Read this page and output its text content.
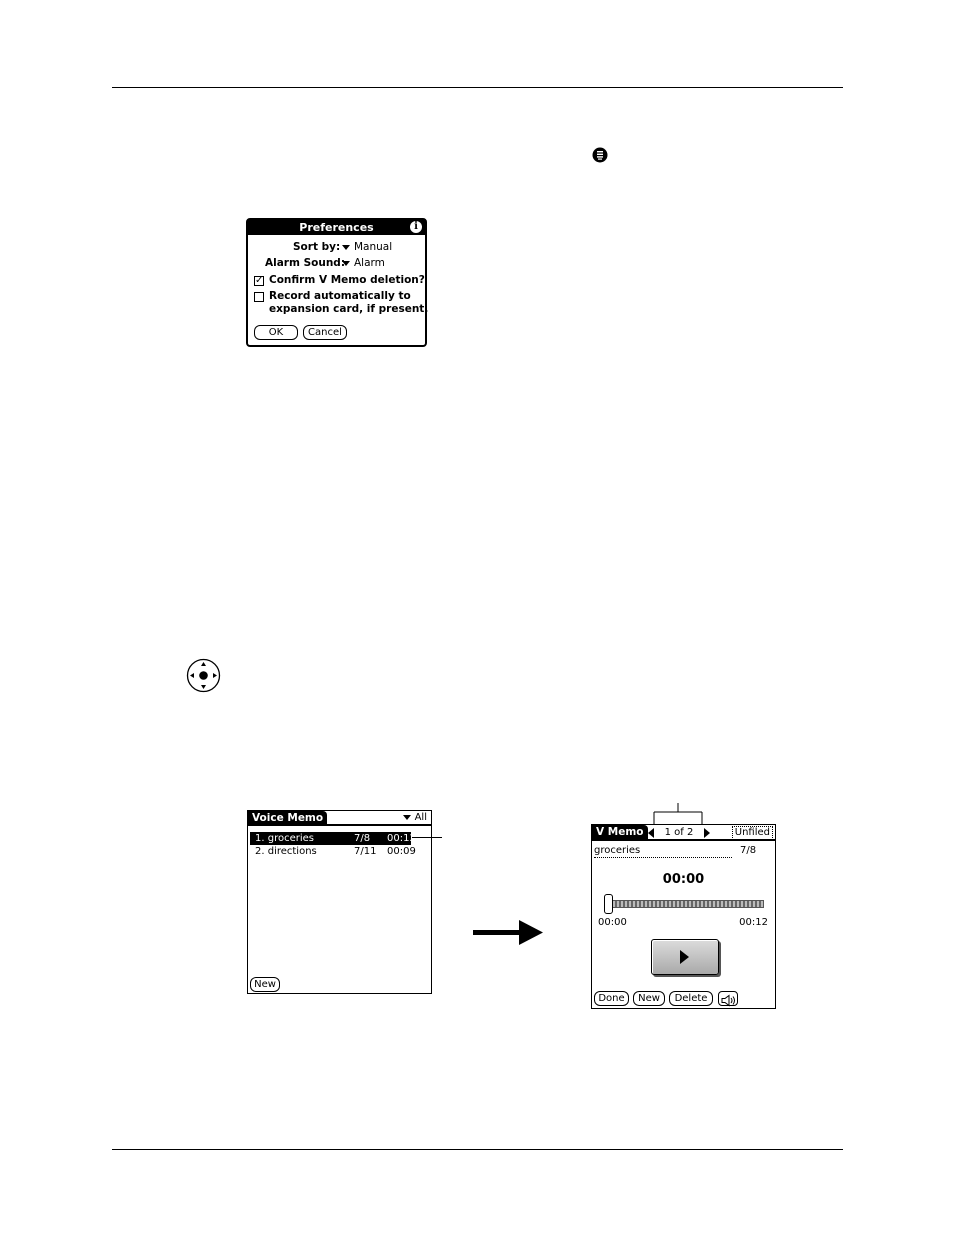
Preferences	i
Sort by:	Manual
Alarm Sound: Alarm
✓ Confirm V Memo deletion?
Record automatically to
expansion card, if present.
OK	Cancel
Voice Memo	All
1. groceries	7/8 00:12
2. directions	7/11 00:09
New
V Memo	1 of 2	Unfiled
groceries	7/8
00:00
00:00	00:12
Done	New	Delete
